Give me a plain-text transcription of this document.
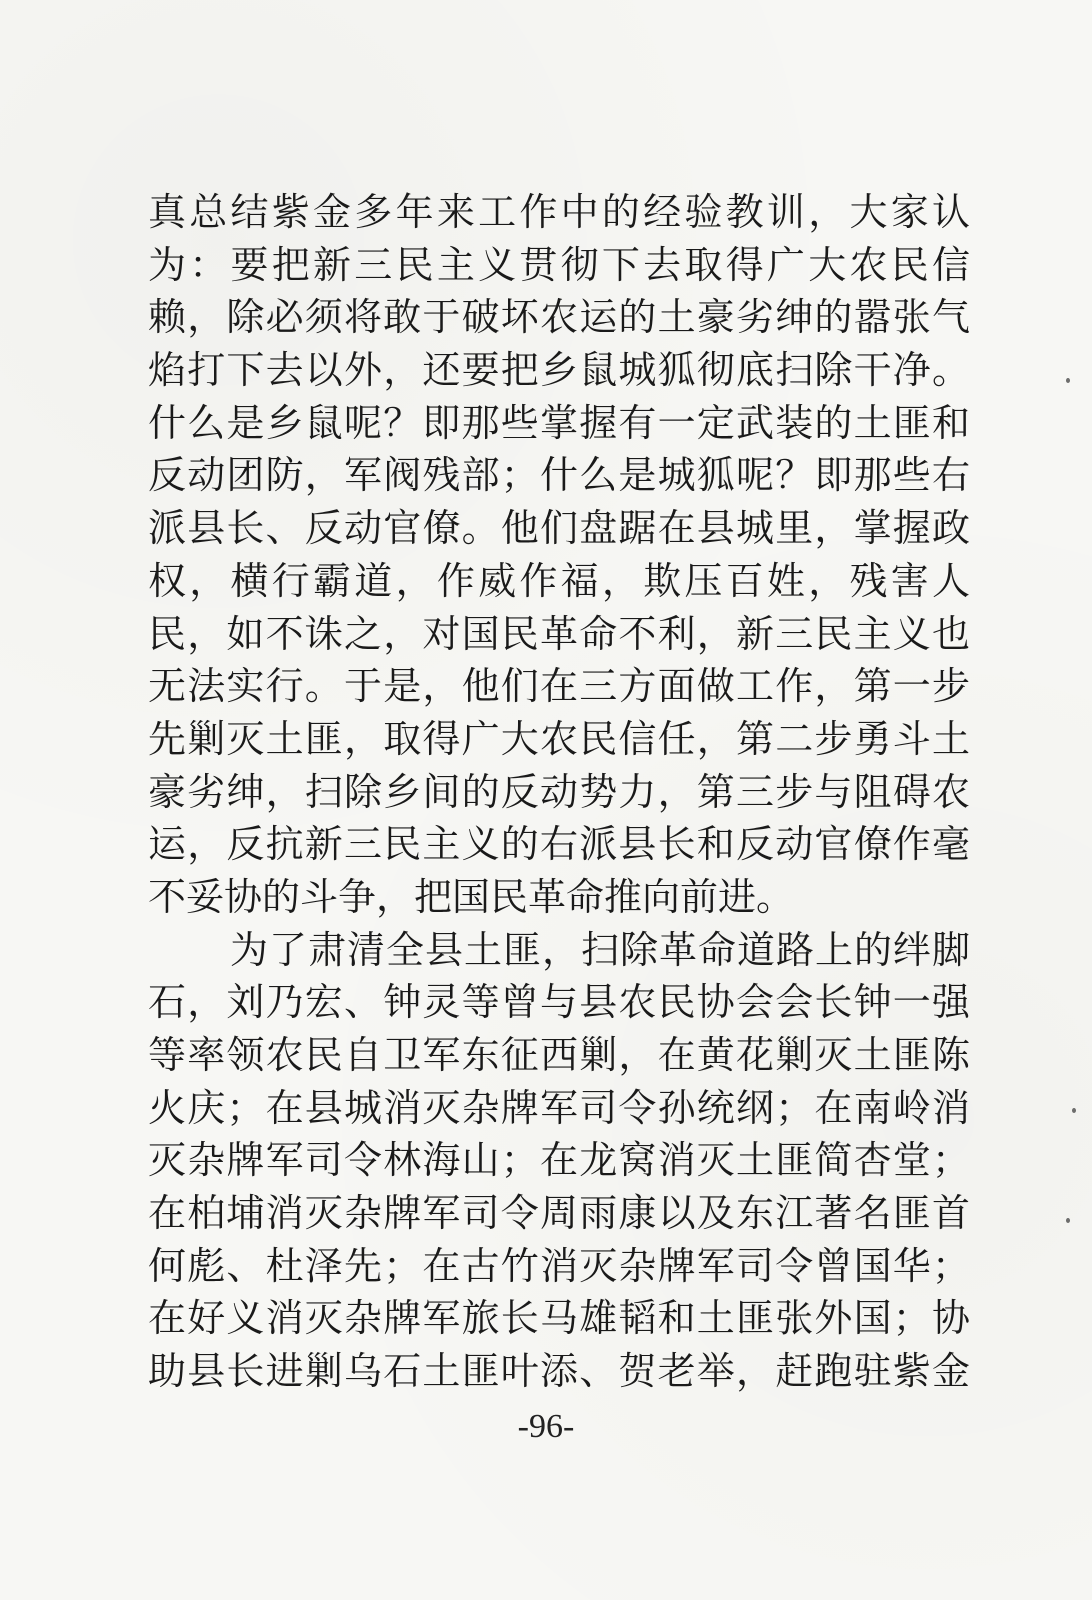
真总结紫金多年来工作中的经验教训，大家认
为：要把新三民主义贯彻下去取得广大农民信
赖，除必须将敢于破坏农运的土豪劣绅的嚣张气
焰打下去以外，还要把乡鼠城狐彻底扫除干净。
什么是乡鼠呢？即那些掌握有一定武装的土匪和
反动团防，军阀残部；什么是城狐呢？即那些右
派县长、反动官僚。他们盘踞在县城里，掌握政
权，横行霸道，作威作福，欺压百姓，残害人
民，如不诛之，对国民革命不利，新三民主义也
无法实行。于是，他们在三方面做工作，第一步
先剿灭土匪，取得广大农民信任，第二步勇斗土
豪劣绅，扫除乡间的反动势力，第三步与阻碍农
运，反抗新三民主义的右派县长和反动官僚作毫
不妥协的斗争，把国民革命推向前进。
为了肃清全县土匪，扫除革命道路上的绊脚
石，刘乃宏、钟灵等曾与县农民协会会长钟一强
等率领农民自卫军东征西剿，在黄花剿灭土匪陈
火庆；在县城消灭杂牌军司令孙统纲；在南岭消
灭杂牌军司令林海山；在龙窝消灭土匪简杏堂；
在柏埔消灭杂牌军司令周雨康以及东江著名匪首
何彪、杜泽先；在古竹消灭杂牌军司令曾国华；
在好义消灭杂牌军旅长马雄韬和土匪张外国；协
助县长进剿乌石土匪叶添、贺老举，赶跑驻紫金
-96-
